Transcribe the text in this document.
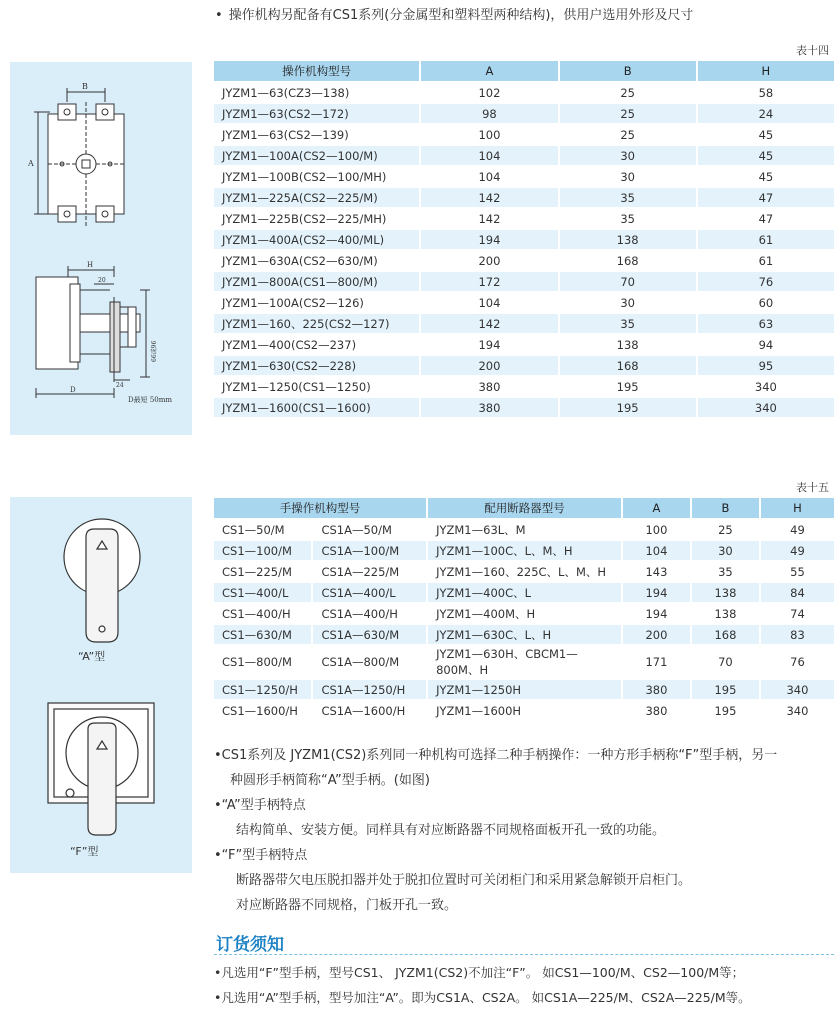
• 操作机构另配备有CS1系列(分金属型和塑料型两种结构)，供用户选用外形及尺寸
表十四
B
A
H
20
24
D
D最短 50mm
66或96
操作机构型号	A	B	H
JYZM1—63(CZ3—138)	102	25	58
JYZM1—63(CS2—172)	98	25	24
JYZM1—63(CS2—139)	100	25	45
JYZM1—100A(CS2—100/M)	104	30	45
JYZM1—100B(CS2—100/MH)	104	30	45
JYZM1—225A(CS2—225/M)	142	35	47
JYZM1—225B(CS2—225/MH)	142	35	47
JYZM1—400A(CS2—400/ML)	194	138	61
JYZM1—630A(CS2—630/M)	200	168	61
JYZM1—800A(CS1—800/M)	172	70	76
JYZM1—100A(CS2—126)	104	30	60
JYZM1—160、225(CS2—127)	142	35	63
JYZM1—400(CS2—237)	194	138	94
JYZM1—630(CS2—228)	200	168	95
JYZM1—1250(CS1—1250)	380	195	340
JYZM1—1600(CS1—1600)	380	195	340
表十五
“A”型
“F”型
手操作机构型号		配用断路器型号	A	B	H
CS1—50/M	CS1A—50/M	JYZM1—63L、M	100	25	49
CS1—100/M	CS1A—100/M	JYZM1—100C、L、M、H	104	30	49
CS1—225/M	CS1A—225/M	JYZM1—160、225C、L、M、H	143	35	55
CS1—400/L	CS1A—400/L	JYZM1—400C、L	194	138	84
CS1—400/H	CS1A—400/H	JYZM1—400M、H	194	138	74
CS1—630/M	CS1A—630/M	JYZM1—630C、L、H	200	168	83
CS1—800/M	CS1A—800/M	JYZM1—630H、CBCM1—800M、H	171	70	76
CS1—1250/H	CS1A—1250/H	JYZM1—1250H	380	195	340
CS1—1600/H	CS1A—1600/H	JYZM1—1600H	380	195	340
•CS1系列及 JYZM1(CS2)系列同一种机构可选择二种手柄操作：一种方形手柄称“F”型手柄，另一
种圆形手柄简称“A”型手柄。(如图)
•“A”型手柄特点
结构简单、安装方便。同样具有对应断路器不同规格面板开孔一致的功能。
•“F”型手柄特点
断路器带欠电压脱扣器并处于脱扣位置时可关闭柜门和采用紧急解锁开启柜门。
对应断路器不同规格，门板开孔一致。
订货须知
•凡选用“F”型手柄，型号CS1、 JYZM1(CS2)不加注“F”。 如CS1—100/M、CS2—100/M等；
•凡选用“A”型手柄，型号加注“A”。即为CS1A、CS2A。 如CS1A—225/M、CS2A—225/M等。
